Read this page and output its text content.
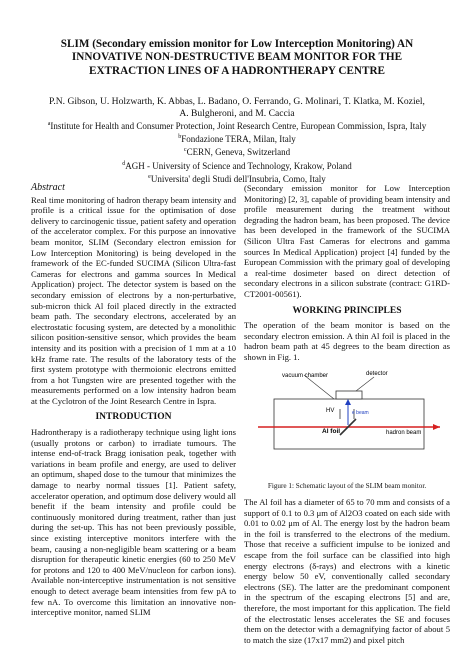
SLIM (Secondary emission monitor for Low Interception Monitoring) AN
INNOVATIVE NON-DESTRUCTIVE BEAM MONITOR FOR THE
EXTRACTION LINES OF A HADRONTHERAPY CENTRE
P.N. Gibson, U. Holzwarth, K. Abbas, L. Badano, O. Ferrando, G. Molinari, T. Klatka, M. Koziel,
A. Bulgheroni, and M. Caccia
$^a$Institute for Health and Consumer Protection, Joint Research Centre, European Commission, Ispra, Italy
$^b$Fondazione TERA, Milan, Italy
$^c$CERN, Geneva, Switzerland
$^d$AGH - University of Science and Technology, Krakow, Poland
$^e$Universita' degli Studi dell'Insubria, Como, Italy
Abstract

Real time monitoring of hadron therapy beam intensity and profile is a critical issue for the optimisation of dose delivery to carcinogenic tissue, patient safety and operation of the accelerator complex. For this purpose an innovative beam monitor, SLIM (Secondary electron emission for Low Interception Monitoring) is being developed in the framework of the EC-funded SUCIMA (Silicon Ultra-fast Cameras for electrons and gamma sources In Medical Application) project. The detector system is based on the secondary emission of electrons by a non-perturbative, sub-micron thick Al foil placed directly in the extracted beam path. The secondary electrons, accelerated by an electrostatic focusing system, are detected by a monolithic silicon position-sensitive sensor, which provides the beam intensity and its position with a precision of 1 mm at a 10 kHz frame rate. The results of the laboratory tests of the first system prototype with thermoionic electrons emitted from a hot Tungsten wire are presented together with the measurements performed on a low intensity hadron beam at the Cyclotron of the Joint Research Centre in Ispra.

INTRODUCTION

Hadrontherapy is a radiotherapy technique using light ions (usually protons or carbon) to irradiate tumours. The intense end-of-track Bragg ionisation peak, together with variations in beam profile and energy, are used to deliver an optimum, shaped dose to the tumour that minimizes the damage to nearby normal tissues [1]. Patient safety, accelerator operation, and optimum dose delivery would all benefit if the beam intensity and profile could be continuously monitored during treatment, rather than just during the set-up. This has not been previously possible, since existing interceptive monitors interfere with the beam, causing a non-negligible beam scattering or a beam disruption for therapeutic kinetic energies (60 to 250 MeV for protons and 120 to 400 MeV/nucleon for carbon ions). Available non-interceptive instrumentation is not sensitive enough to detect average beam intensities from few pA to few nA. To overcome this limitation an innovative non-interceptive monitor, named SLIM

(Secondary emission monitor for Low Interception Monitoring) [2, 3], capable of providing beam intensity and profile measurement during the treatment without degrading the hadron beam, has been proposed. The device has been developed in the framework of the SUCIMA (Silicon Ultra Fast Cameras for electrons and gamma sources In Medical Application) project [4] funded by the European Commission with the primary goal of developing a real-time dosimeter based on direct detection of secondary electrons in a silicon substrate (contract: G1RD-CT2001-00561).

WORKING PRINCIPLES

The operation of the beam monitor is based on the secondary electron emission. A thin Al foil is placed in the hadron beam path at 45 degrees to the beam direction as shown in Fig. 1.

vacuum chamber	detector
HV	e beam
Al foil	hadron beam
Figure 1: Schematic layout of the SLIM beam monitor.

The Al foil has a diameter of 65 to 70 mm and consists of a support of 0.1 to 0.3 μm of Al2O3 coated on each side with 0.01 to 0.02 μm of Al. The energy lost by the hadron beam in the foil is transferred to the electrons of the medium. Those that receive a sufficient impulse to be ionized and escape from the foil surface can be classified into high energy electrons (δ-rays) and electrons with a kinetic energy below 50 eV, conventionally called secondary electrons (SE). The latter are the predominant component in the spectrum of the escaping electrons [5] and are, therefore, the most important for this application. The field of the electrostatic lenses accelerates the SE and focuses them on the detector with a demagnifying factor of about 5 to match the size (17x17 mm2) and pixel pitch
